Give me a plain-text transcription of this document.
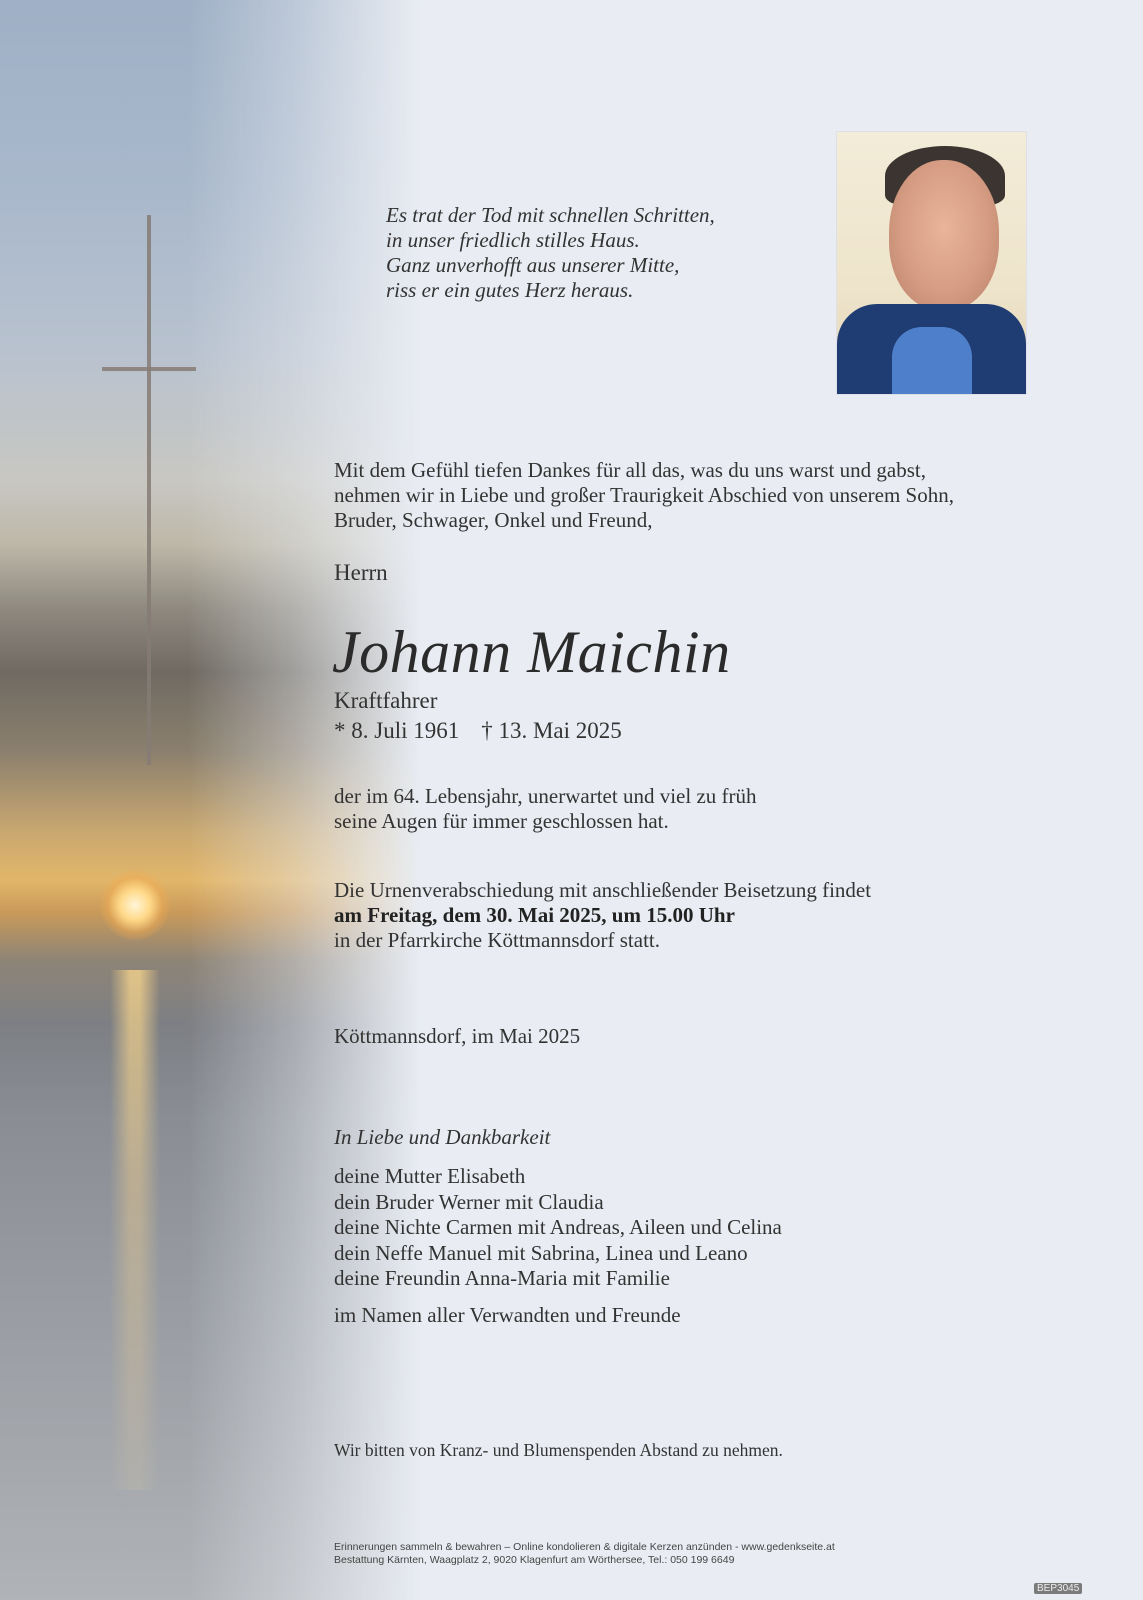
Es trat der Tod mit schnellen Schritten,
in unser friedlich stilles Haus.
Ganz unverhofft aus unserer Mitte,
riss er ein gutes Herz heraus.
Mit dem Gefühl tiefen Dankes für all das, was du uns warst und gabst,
nehmen wir in Liebe und großer Traurigkeit Abschied von unserem Sohn,
Bruder, Schwager, Onkel und Freund,
Herrn
Johann Maichin
Kraftfahrer
* 8. Juli 1961 † 13. Mai 2025
der im 64. Lebensjahr, unerwartet und viel zu früh
seine Augen für immer geschlossen hat.
Die Urnenverabschiedung mit anschließender Beisetzung findet
am Freitag, dem 30. Mai 2025, um 15.00 Uhr
in der Pfarrkirche Köttmannsdorf statt.
Köttmannsdorf, im Mai 2025
In Liebe und Dankbarkeit
deine Mutter Elisabeth
dein Bruder Werner mit Claudia
deine Nichte Carmen mit Andreas, Aileen und Celina
dein Neffe Manuel mit Sabrina, Linea und Leano
deine Freundin Anna-Maria mit Familie
im Namen aller Verwandten und Freunde
Wir bitten von Kranz- und Blumenspenden Abstand zu nehmen.
Erinnerungen sammeln & bewahren – Online kondolieren & digitale Kerzen anzünden - www.gedenkseite.at
Bestattung Kärnten, Waagplatz 2, 9020 Klagenfurt am Wörthersee, Tel.: 050 199 6649
BEP3045
